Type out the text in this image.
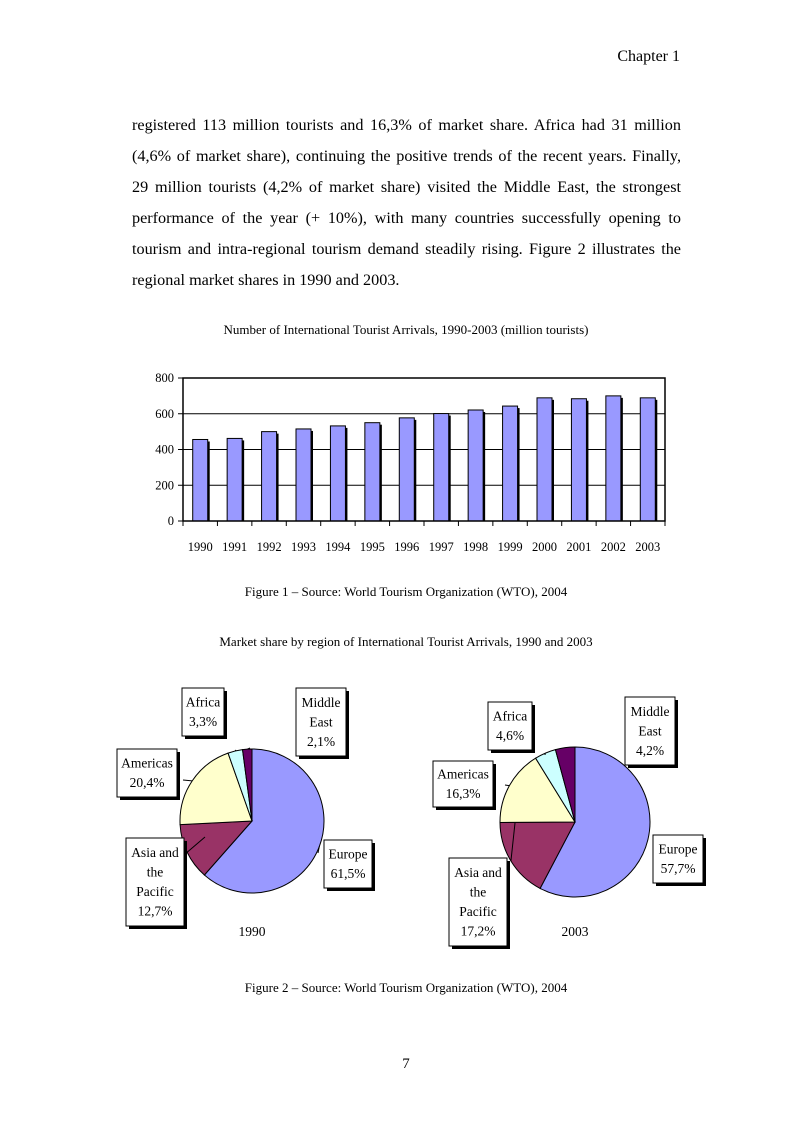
Chapter 1
registered 113 million tourists and 16,3% of market share. Africa had 31 million (4,6% of market share), continuing the positive trends of the recent years. Finally, 29 million tourists (4,2% of market share) visited the Middle East, the strongest performance of the year (+ 10%), with many countries successfully opening to tourism and intra-regional tourism demand steadily rising. Figure 2 illustrates the regional market shares in 1990 and 2003.
Number of International Tourist Arrivals, 1990-2003 (million tourists)
800
600
400
200
0
1990 1991 1992 1993 1994 1995 1996 1997 1998 1999 2000 2001 2002 2003
Figure 1 – Source: World Tourism Organization (WTO), 2004
Market share by region of International Tourist Arrivals, 1990 and 2003
Europe
61,5%
Asia and
the
Pacific
12,7%
Americas
20,4%
Africa
3,3%
Middle
East
2,1%
1990
Europe
57,7%
Asia and
the
Pacific
17,2%
Americas
16,3%
Africa
4,6%
Middle
East
4,2%
2003
Figure 2 – Source: World Tourism Organization (WTO), 2004
7
